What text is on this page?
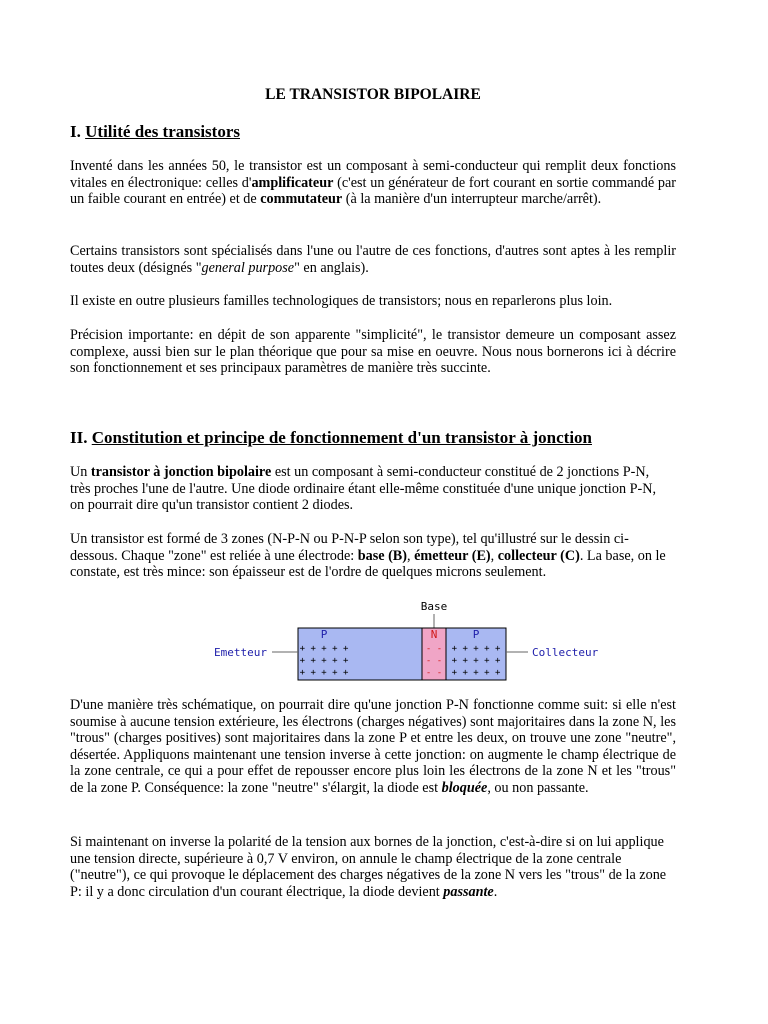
LE TRANSISTOR BIPOLAIRE
I. Utilité des transistors

Inventé dans les années 50, le transistor est un composant à semi-conducteur qui remplit deux fonctions vitales en électronique: celles d'amplificateur (c'est un générateur de fort courant en sortie commandé par un faible courant en entrée) et de commutateur (à la manière d'un interrupteur marche/arrêt).

Certains transistors sont spécialisés dans l'une ou l'autre de ces fonctions, d'autres sont aptes à les remplir toutes deux (désignés "general purpose" en anglais).

Il existe en outre plusieurs familles technologiques de transistors; nous en reparlerons plus loin.

Précision importante: en dépit de son apparente "simplicité", le transistor demeure un composant assez complexe, aussi bien sur le plan théorique que pour sa mise en oeuvre. Nous nous bornerons ici à décrire son fonctionnement et ses principaux paramètres de manière très succinte.

II. Constitution et principe de fonctionnement d'un transistor à jonction

Un transistor à jonction bipolaire est un composant à semi-conducteur constitué de 2 jonctions P-N, très proches l'une de l'autre. Une diode ordinaire étant elle-même constituée d'une unique jonction P-N, on pourrait dire qu'un transistor contient 2 diodes.

Un transistor est formé de 3 zones (N-P-N ou P-N-P selon son type), tel qu'illustré sur le dessin ci-dessous. Chaque "zone" est reliée à une électrode: base (B), émetteur (E), collecteur (C). La base, on le constate, est très mince: son épaisseur est de l'ordre de quelques microns seulement.

Base
P	N	P
+ + + + +
+ + + + +
+ + + + +
- -
- -
- -
+ + + + +
+ + + + +
+ + + + +
Emetteur	Collecteur

D'une manière très schématique, on pourrait dire qu'une jonction P-N fonctionne comme suit: si elle n'est soumise à aucune tension extérieure, les électrons (charges négatives) sont majoritaires dans la zone N, les "trous" (charges positives) sont majoritaires dans la zone P et entre les deux, on trouve une zone "neutre", désertée. Appliquons maintenant une tension inverse à cette jonction: on augmente le champ électrique de la zone centrale, ce qui a pour effet de repousser encore plus loin les électrons de la zone N et les "trous" de la zone P. Conséquence: la zone "neutre" s'élargit, la diode est bloquée, ou non passante.

Si maintenant on inverse la polarité de la tension aux bornes de la jonction, c'est-à-dire si on lui applique une tension directe, supérieure à 0,7 V environ, on annule le champ électrique de la zone centrale ("neutre"), ce qui provoque le déplacement des charges négatives de la zone N vers les "trous" de la zone P: il y a donc circulation d'un courant électrique, la diode devient passante.
